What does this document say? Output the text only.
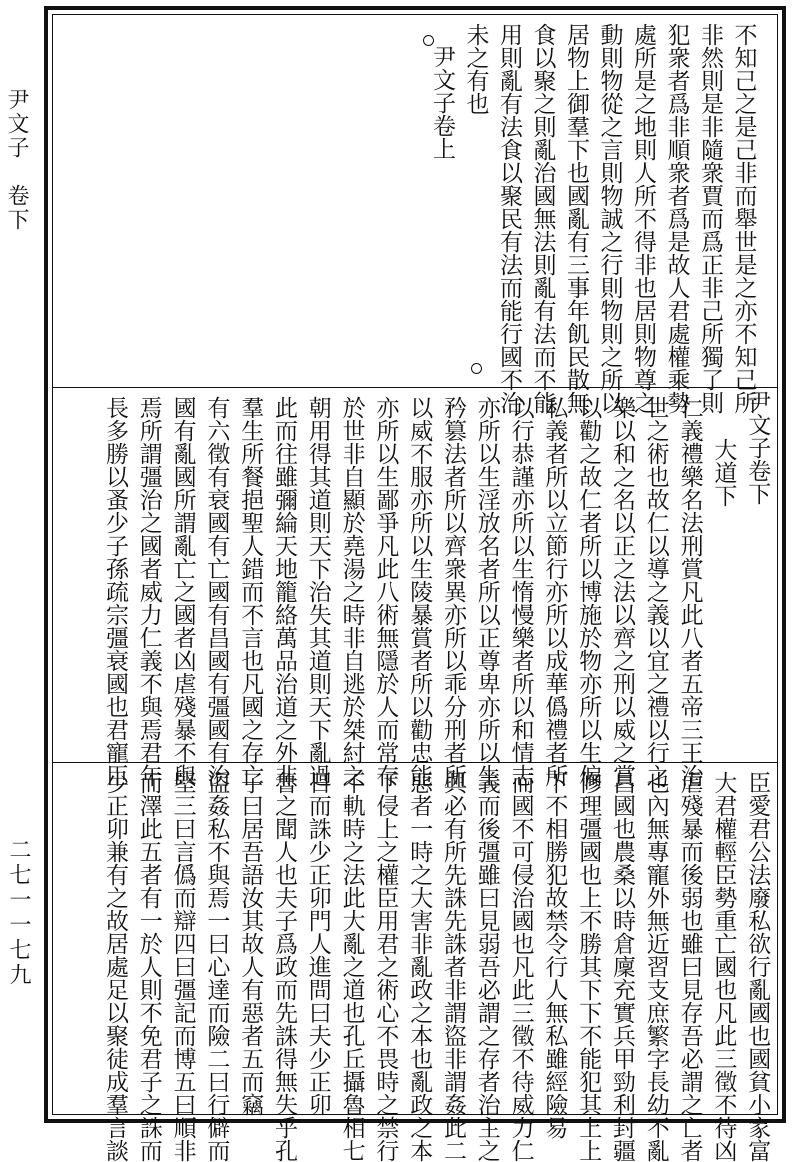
尹文子　卷下
二七一一七九
不知己之是己非而舉世是之亦不知己所
非然則是非隨衆賈而爲正非己所獨了則
犯衆者爲非順衆者爲是故人君處權乘勢
處所是之地則人所不得非也居則物尊之
動則物從之言則物誠之行則物則之所以
居物上御羣下也國亂有三事年飢民散無
食以聚之則亂治國無法則亂有法而不能
用則亂有法食以聚民有法而能行國不治
未之有也
尹文子卷上
尹文子卷下
大道下
仁義禮樂名法刑賞凡此八者五帝三王治
世之術也故仁以導之義以宜之禮以行之
樂以和之名以正之法以齊之刑以威之賞
以勸之故仁者所以博施於物亦所以生偏
私義者所以立節行亦所以成華僞禮者所
以行恭謹亦所以生惰慢樂者所以和情志
亦所以生淫放名者所以正尊卑亦所以生
矜篡法者所以齊衆異亦所以乖分刑者所
以威不服亦所以生陵暴賞者所以勸忠能
亦所以生鄙爭凡此八術無隱於人而常存
於世非自顯於堯湯之時非自逃於桀紂之
朝用得其道則天下治失其道則天下亂過
此而往雖彌綸天地籠絡萬品治道之外非
羣生所餐挹聖人錯而不言也凡國之存亡
有六徵有衰國有亡國有昌國有彊國有治
國有亂國所謂亂亡之國者凶虐殘暴不與
焉所謂彊治之國者威力仁義不與焉君年
長多勝以蚤少子孫疏宗彊衰國也君寵臣
臣愛君公法廢私欲行亂國也國貧小家富
大君權輕臣勢重亡國也凡此三徵不待凶
虐殘暴而後弱也雖曰見存吾必謂之亡者
也內無專寵外無近習支庶繁字長幼不亂
昌國也農桑以時倉廩充實兵甲勁利封疆
修理彊國也上不勝其下下不能犯其上上
下不相勝犯故禁令行人無私雖經險易
而國不可侵治國也凡此三徵不待威力仁
義而後彊雖曰見弱吾必謂之存者治主之
興必有所先誅先誅者非謂盜非謂姦此二
惡者一時之大害非亂政之本也亂政之本
下侵上之權臣用君之術心不畏時之禁行
不軌時之法此大亂之道也孔丘攝魯相七
日而誅少正卯門人進問曰夫少正卯
魯之聞人也夫子爲政而先誅得無失乎孔
子曰居吾語汝其故人有惡者五而竊
盜姦私不與焉一曰心達而險二曰行僻而
堅三曰言僞而辯四曰彊記而博五曰順非
而澤此五者有一於人則不免君子之誅而
少正卯兼有之故居處足以聚徒成羣言談
